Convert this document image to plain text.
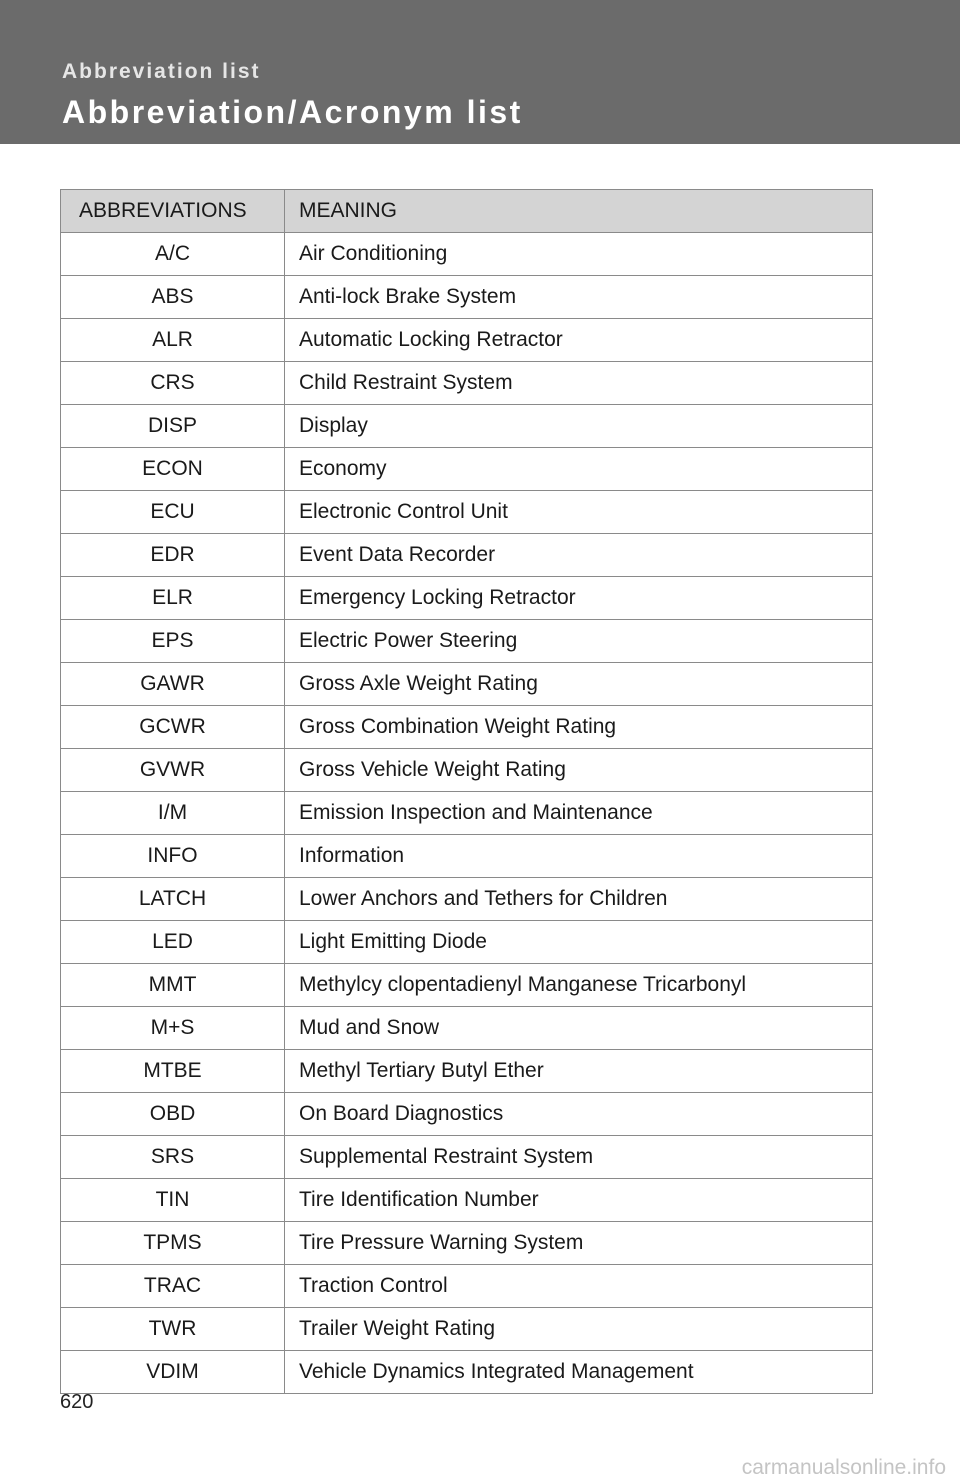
Abbreviation list
Abbreviation/Acronym list
ABBREVIATIONS	MEANING
A/C	Air Conditioning
ABS	Anti-lock Brake System
ALR	Automatic Locking Retractor
CRS	Child Restraint System
DISP	Display
ECON	Economy
ECU	Electronic Control Unit
EDR	Event Data Recorder
ELR	Emergency Locking Retractor
EPS	Electric Power Steering
GAWR	Gross Axle Weight Rating
GCWR	Gross Combination Weight Rating
GVWR	Gross Vehicle Weight Rating
I/M	Emission Inspection and Maintenance
INFO	Information
LATCH	Lower Anchors and Tethers for Children
LED	Light Emitting Diode
MMT	Methylcy clopentadienyl Manganese Tricarbonyl
M+S	Mud and Snow
MTBE	Methyl Tertiary Butyl Ether
OBD	On Board Diagnostics
SRS	Supplemental Restraint System
TIN	Tire Identification Number
TPMS	Tire Pressure Warning System
TRAC	Traction Control
TWR	Trailer Weight Rating
VDIM	Vehicle Dynamics Integrated Management
620
carmanualsonline.info
